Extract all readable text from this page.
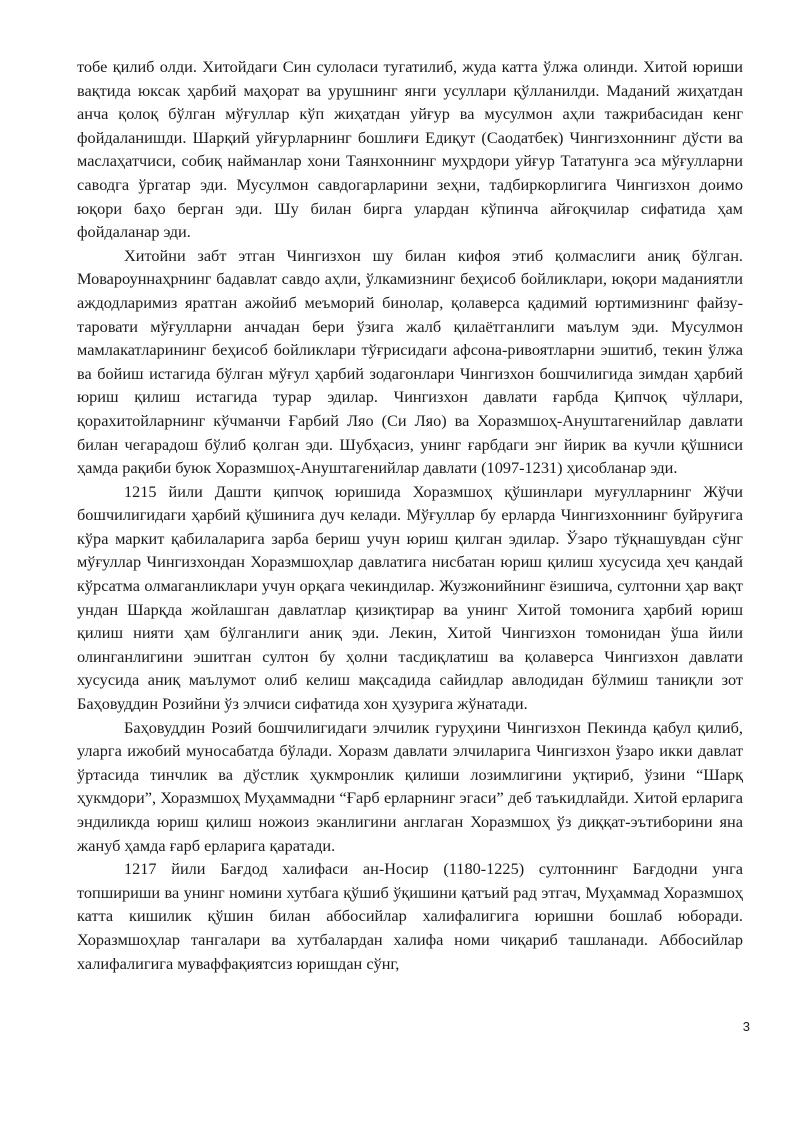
тобе қилиб олди. Хитойдаги Син сулоласи тугатилиб, жуда катта ўлжа олинди. Хитой юриши вақтида юксак ҳарбий маҳорат ва урушнинг янги усуллари қўлланилди. Маданий жиҳатдан анча қолоқ бўлган мўғуллар кўп жиҳатдан уйғур ва мусулмон аҳли тажрибасидан кенг фойдаланишди. Шарқий уйғурларнинг бошлиғи Едиқут (Саодатбек) Чингизхоннинг дўсти ва маслаҳатчиси, собиқ найманлар хони Таянхоннинг муҳрдори уйғур Тататунга эса мўғулларни саводга ўргатар эди. Мусулмон савдогарларини зеҳни, тадбиркорлигига Чингизхон доимо юқори баҳо берган эди. Шу билан бирга улардан кўпинча айғоқчилар сифатида ҳам фойдаланар эди.

Хитойни забт этган Чингизхон шу билан кифоя этиб қолмаслиги аниқ бўлган. Мовароуннаҳрнинг бадавлат савдо аҳли, ўлкамизнинг беҳисоб бойликлари, юқори маданиятли аждодларимиз яратган ажойиб меъморий бинолар, қолаверса қадимий юртимизнинг файзу-таровати мўғулларни анчадан бери ўзига жалб қилаётганлиги маълум эди. Мусулмон мамлакатларининг беҳисоб бойликлари тўғрисидаги афсона-ривоятларни эшитиб, текин ўлжа ва бойиш истагида бўлган мўғул ҳарбий зодагонлари Чингизхон бошчилигида зимдан ҳарбий юриш қилиш истагида турар эдилар. Чингизхон давлати ғарбда Қипчоқ чўллари, қорахитойларнинг кўчманчи Ғарбий Ляо (Си Ляо) ва Хоразмшоҳ-Ануштагенийлар давлати билан чегарадош бўлиб қолган эди. Шубҳасиз, унинг ғарбдаги энг йирик ва кучли қўшниси ҳамда рақиби буюк Хоразмшоҳ-Ануштагенийлар давлати (1097-1231) ҳисобланар эди.

1215 йили Дашти қипчоқ юришида Хоразмшоҳ қўшинлари муғулларнинг Жўчи бошчилигидаги ҳарбий қўшинига дуч келади. Мўғуллар бу ерларда Чингизхоннинг буйруғига кўра маркит қабилаларига зарба бериш учун юриш қилган эдилар. Ўзаро тўқнашувдан сўнг мўғуллар Чингизхондан Хоразмшоҳлар давлатига нисбатан юриш қилиш хусусида ҳеч қандай кўрсатма олмаганликлари учун орқага чекиндилар. Жузжонийнинг ёзишича, султонни ҳар вақт ундан Шарқда жойлашган давлатлар қизиқтирар ва унинг Хитой томонига ҳарбий юриш қилиш нияти ҳам бўлганлиги аниқ эди. Лекин, Хитой Чингизхон томонидан ўша йили олинганлигини эшитган султон бу ҳолни тасдиқлатиш ва қолаверса Чингизхон давлати хусусида аниқ маълумот олиб келиш мақсадида сайидлар авлодидан бўлмиш таниқли зот Баҳовуддин Розийни ўз элчиси сифатида хон ҳузурига жўнатади.

Баҳовуддин Розий бошчилигидаги элчилик гуруҳини Чингизхон Пекинда қабул қилиб, уларга ижобий муносабатда бўлади. Хоразм давлати элчиларига Чингизхон ўзаро икки давлат ўртасида тинчлик ва дўстлик ҳукмронлик қилиши лозимлигини уқтириб, ўзини “Шарқ ҳукмдори”, Хоразмшоҳ Муҳаммадни “Ғарб ерларнинг эгаси” деб таъкидлайди. Хитой ерларига эндиликда юриш қилиш ножоиз эканлигини англаган Хоразмшоҳ ўз диққат-эътиборини яна жануб ҳамда ғарб ерларига қаратади.

1217 йили Бағдод халифаси ан-Носир (1180-1225) султоннинг Бағдодни унга топшириши ва унинг номини хутбага қўшиб ўқишини қатъий рад этгач, Муҳаммад Хоразмшоҳ катта кишилик қўшин билан аббосийлар халифалигига юришни бошлаб юборади. Хоразмшоҳлар тангалари ва хутбалардан халифа номи чиқариб ташланади. Аббосийлар халифалигига муваффақиятсиз юришдан сўнг,

3
